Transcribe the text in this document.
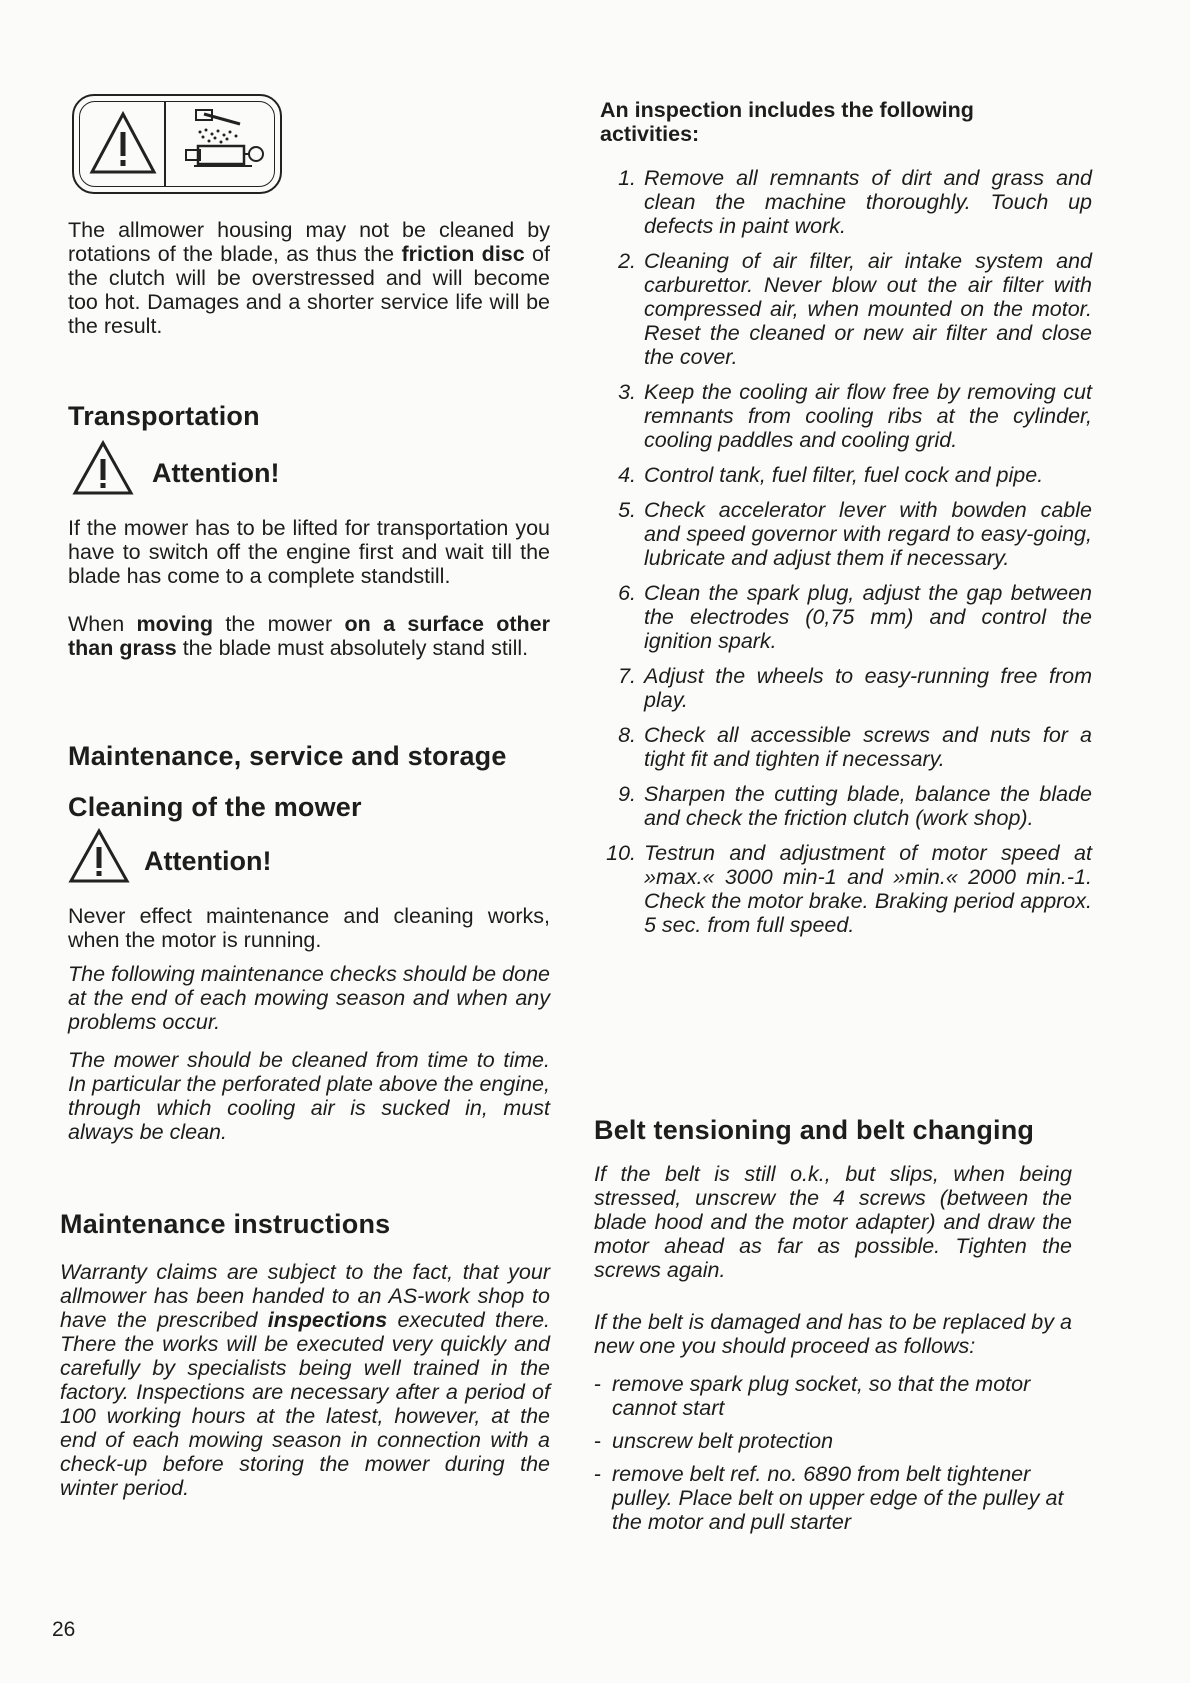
The allmower housing may not be cleaned by rotations of the blade, as thus the friction disc of the clutch will be overstressed and will become too hot. Damages and a shorter service life will be the result.

Transportation
Attention!

If the mower has to be lifted for transportation you have to switch off the engine first and wait till the blade has come to a complete standstill.

When moving the mower on a surface other than grass the blade must absolutely stand still.

Maintenance, service and storage
Cleaning of the mower
Attention!

Never effect maintenance and cleaning works, when the motor is running.

The following maintenance checks should be done at the end of each mowing season and when any problems occur.

The mower should be cleaned from time to time. In particular the perforated plate above the engine, through which cooling air is sucked in, must always be clean.

Maintenance instructions

Warranty claims are subject to the fact, that your allmower has been handed to an AS-work shop to have the prescribed inspections executed there. There the works will be executed very quickly and carefully by specialists being well trained in the factory. Inspections are necessary after a period of 100 working hours at the latest, however, at the end of each mowing season in connection with a check-up before storing the mower during the winter period.

An inspection includes the following activities:

1. Remove all remnants of dirt and grass and clean the machine thoroughly. Touch up defects in paint work.

2. Cleaning of air filter, air intake system and carburettor. Never blow out the air filter with compressed air, when mounted on the motor. Reset the cleaned or new air filter and close the cover.

3. Keep the cooling air flow free by removing cut remnants from cooling ribs at the cylinder, cooling paddles and cooling grid.

4. Control tank, fuel filter, fuel cock and pipe.

5. Check accelerator lever with bowden cable and speed governor with regard to easy-going, lubricate and adjust them if necessary.

6. Clean the spark plug, adjust the gap between the electrodes (0,75 mm) and control the ignition spark.

7. Adjust the wheels to easy-running free from play.

8. Check all accessible screws and nuts for a tight fit and tighten if necessary.

9. Sharpen the cutting blade, balance the blade and check the friction clutch (work shop).

10. Testrun and adjustment of motor speed at »max.« 3000 min-1 and »min.« 2000 min.-1. Check the motor brake. Braking period approx. 5 sec. from full speed.

Belt tensioning and belt changing

If the belt is still o.k., but slips, when being stressed, unscrew the 4 screws (between the blade hood and the motor adapter) and draw the motor ahead as far as possible. Tighten the screws again.

If the belt is damaged and has to be replaced by a new one you should proceed as follows:

- remove spark plug socket, so that the motor cannot start

- unscrew belt protection

- remove belt ref. no. 6890 from belt tightener pulley. Place belt on upper edge of the pulley at the motor and pull starter

26
